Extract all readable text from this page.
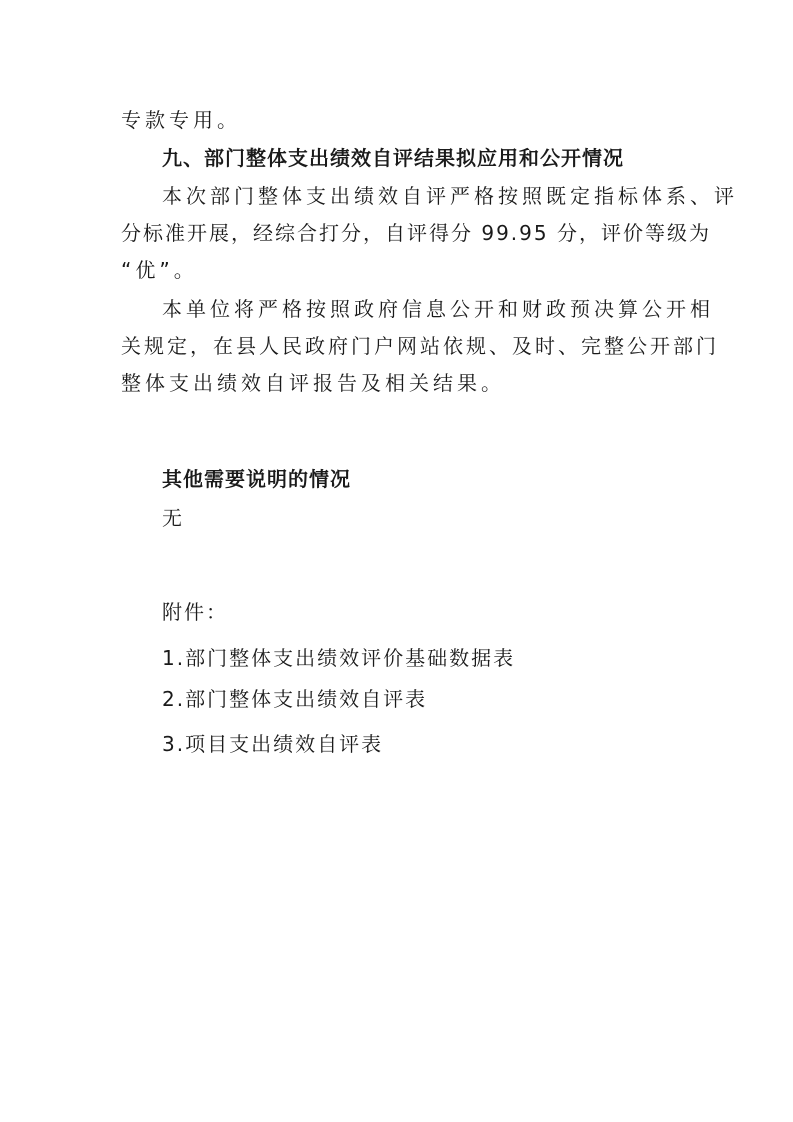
专款专用。
九、部门整体支出绩效自评结果拟应用和公开情况
本次部门整体支出绩效自评严格按照既定指标体系、评
分标准开展，经综合打分，自评得分 99.95 分，评价等级为
“优”。
本单位将严格按照政府信息公开和财政预决算公开相
关规定，在县人民政府门户网站依规、及时、完整公开部门
整体支出绩效自评报告及相关结果。
其他需要说明的情况
无
附件：
1.部门整体支出绩效评价基础数据表
2.部门整体支出绩效自评表
3.项目支出绩效自评表
